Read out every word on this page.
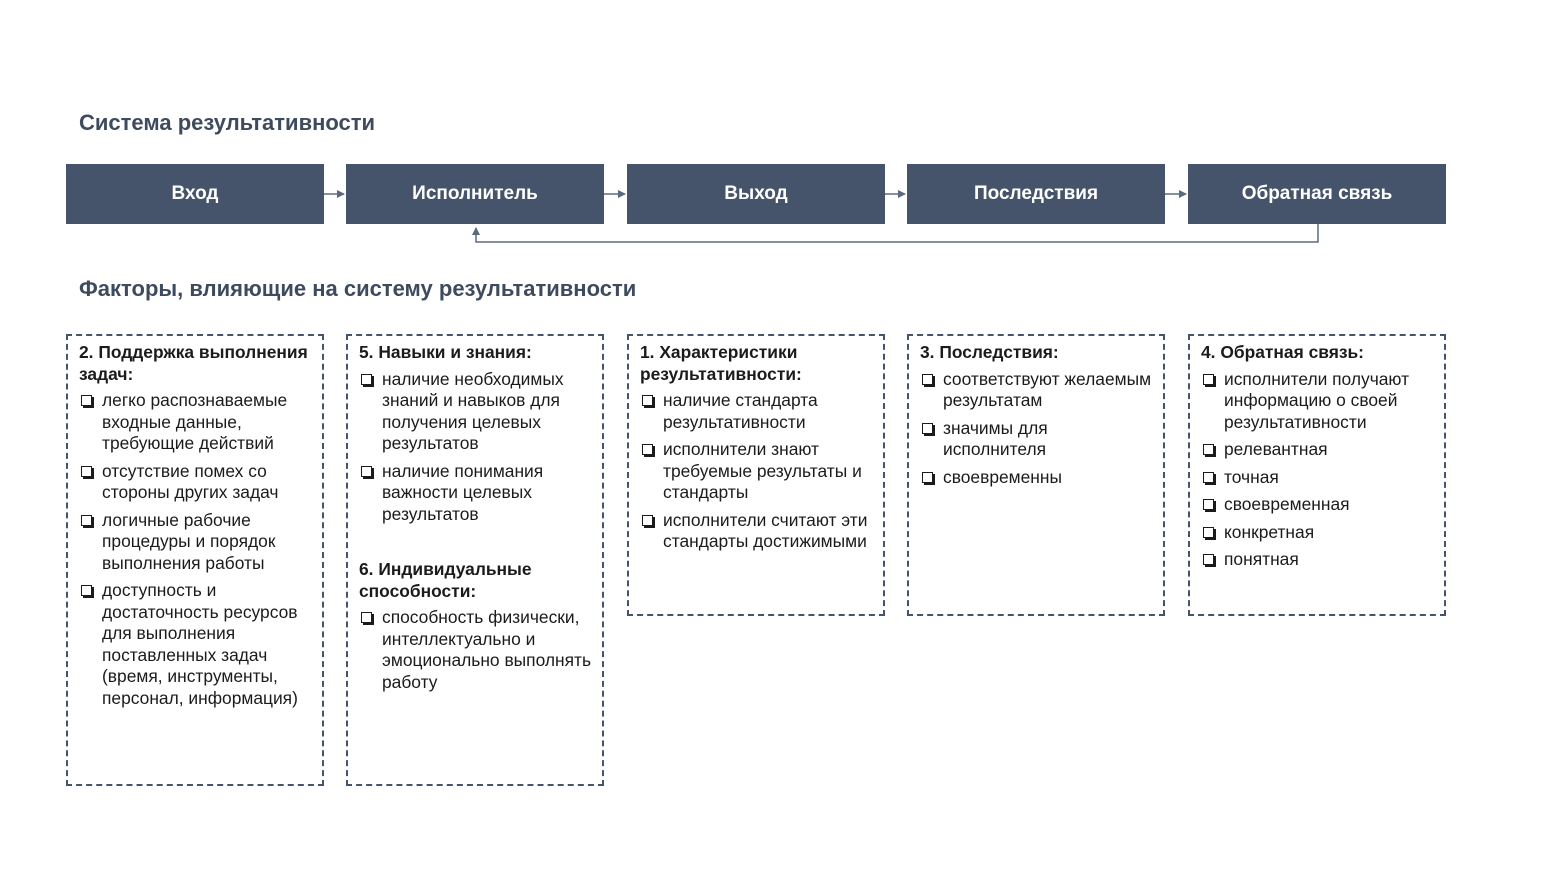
Система результативности
Вход	Исполнитель	Выход	Последствия	Обратная связь
Факторы, влияющие на систему результативности
2. Поддержка выполнения задач:
легко распознаваемые входные данные, требующие действий
отсутствие помех со стороны других задач
логичные рабочие процедуры и порядок выполнения работы
доступность и достаточность ресурсов для выполнения поставленных задач (время, инструменты, персонал, информация)
5. Навыки и знания:
наличие необходимых знаний и навыков для получения целевых результатов
наличие понимания важности целевых результатов
6. Индивидуальные способности:
способность физически, интеллектуально и эмоционально выполнять работу
1. Характеристики результативности:
наличие стандарта результативности
исполнители знают требуемые результаты и стандарты
исполнители считают эти стандарты достижимыми
3. Последствия:
соответствуют желаемым результатам
значимы для исполнителя
своевременны
4. Обратная связь:
исполнители получают информацию о своей результативности
релевантная
точная
своевременная
конкретная
понятная
